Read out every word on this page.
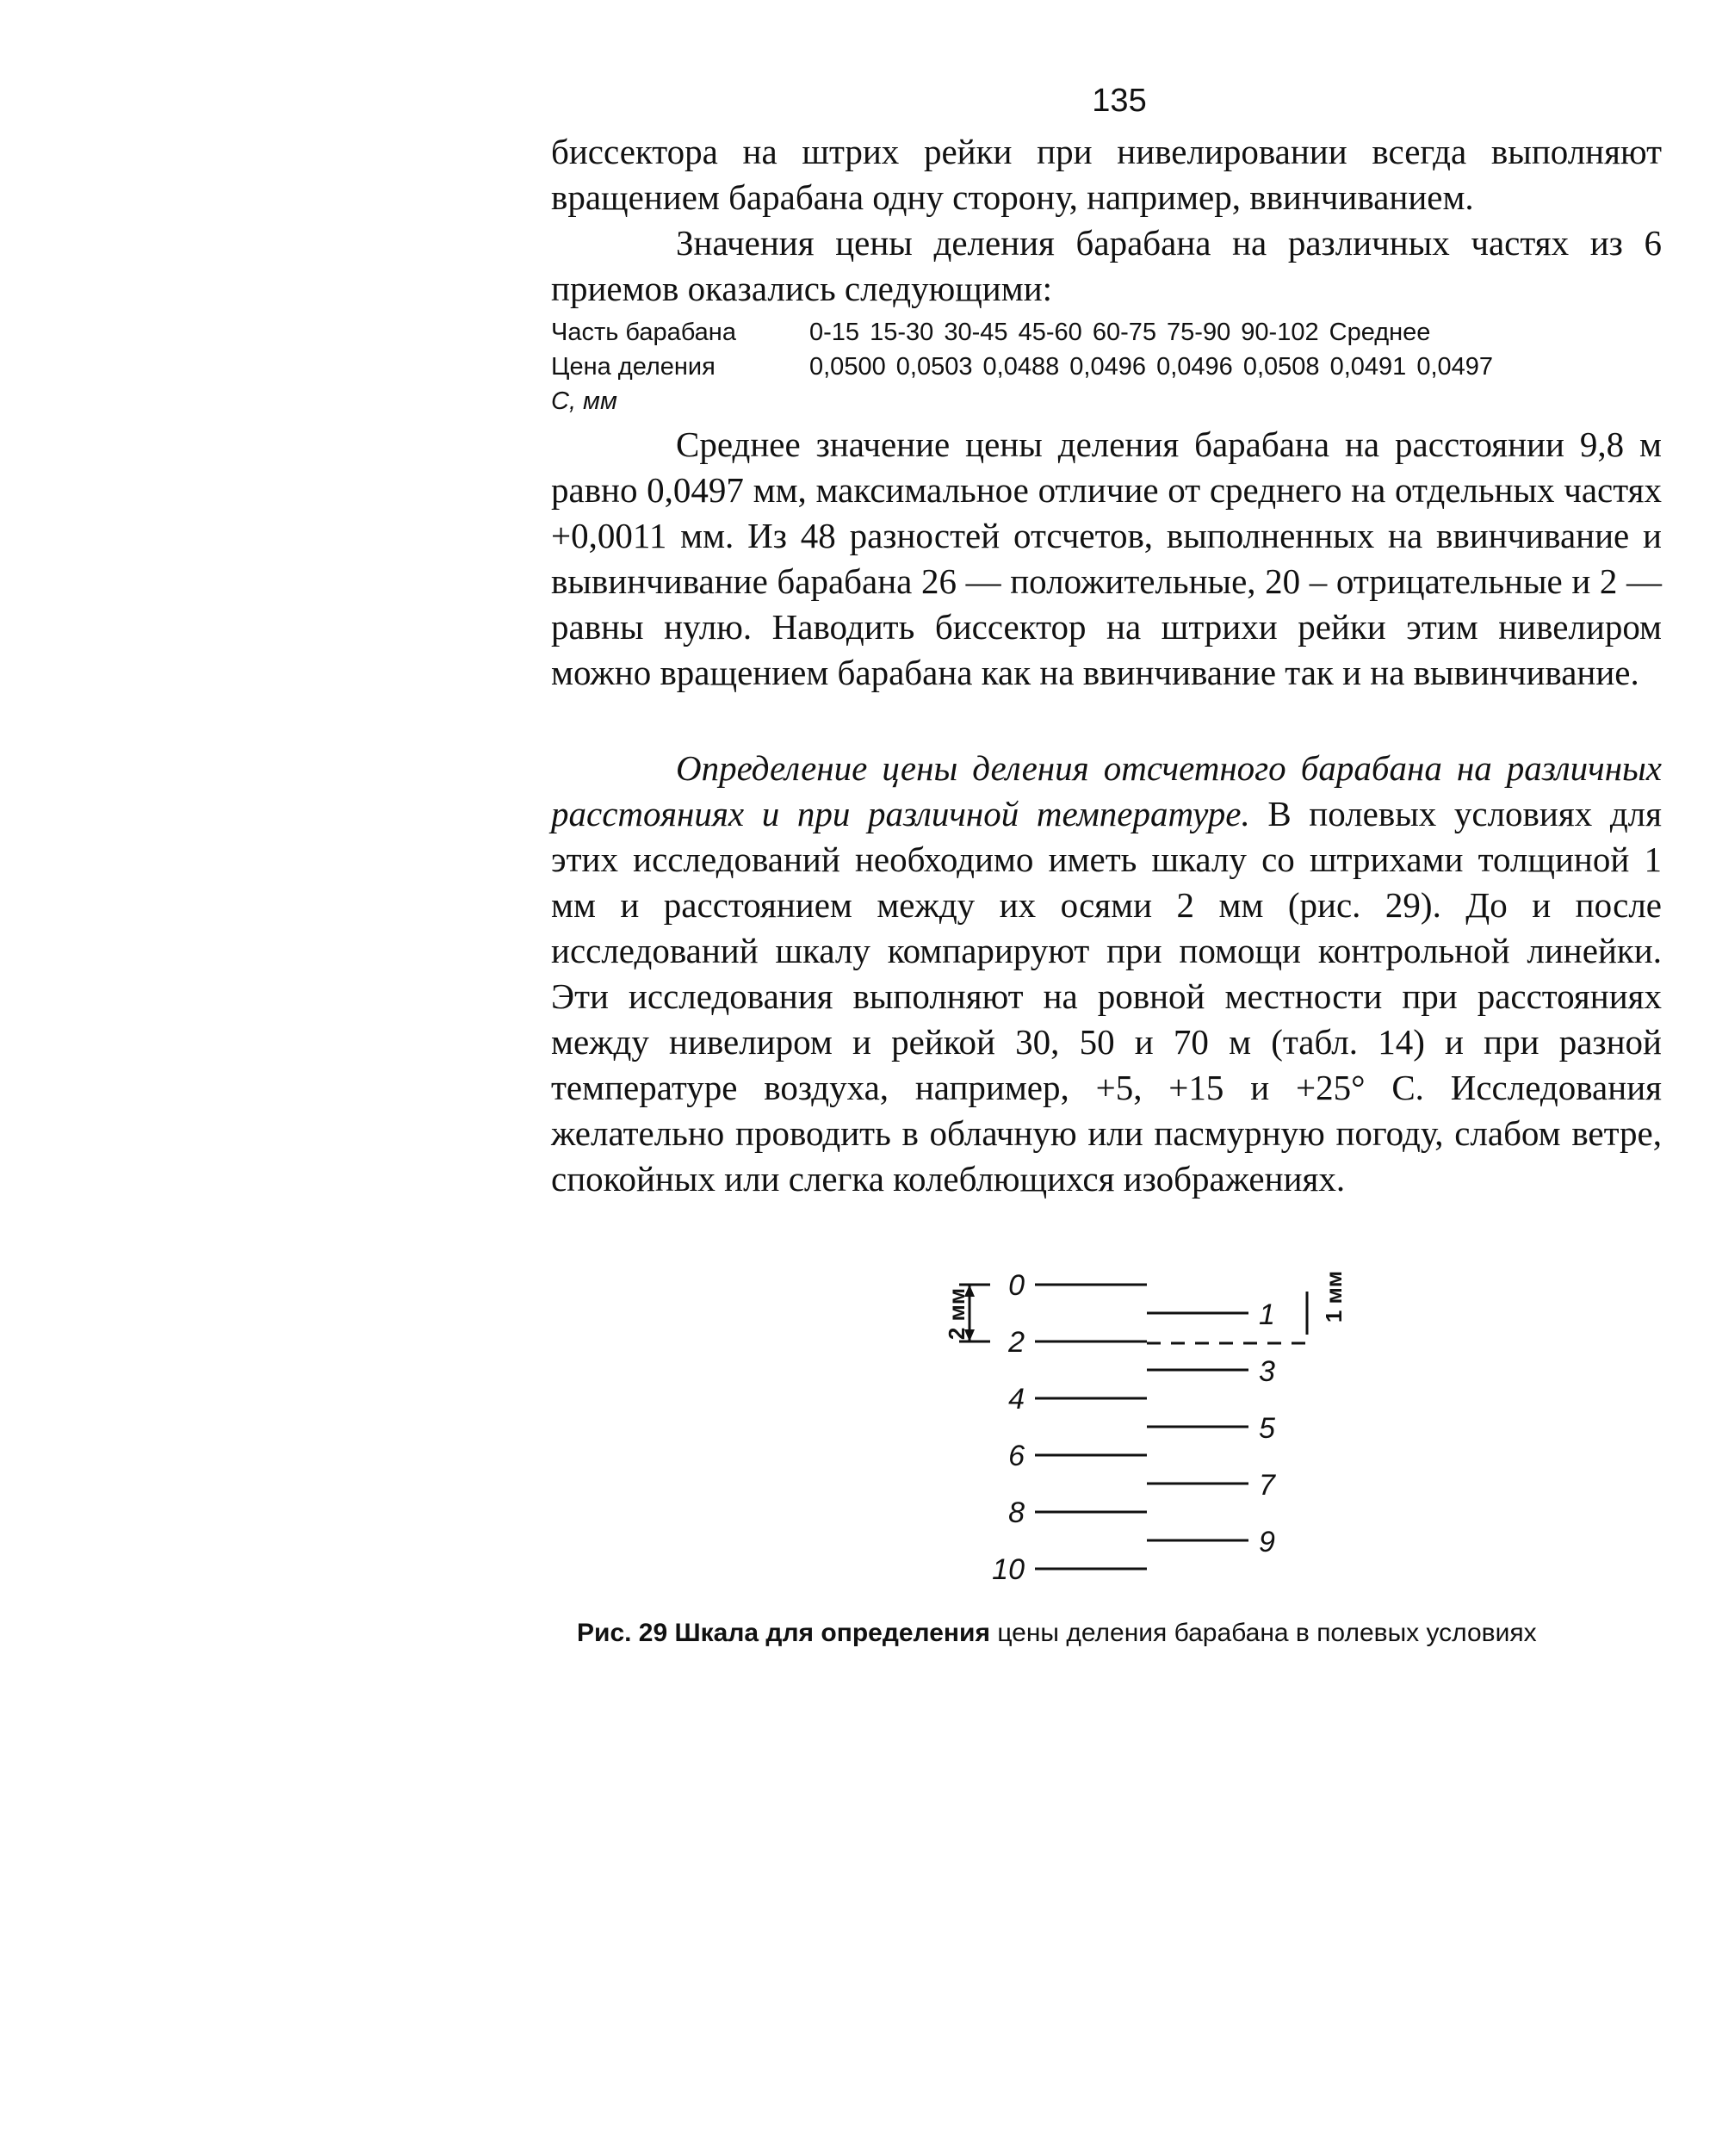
135

биссектора на штрих рейки при нивелировании всегда выполняют вращением барабана одну сторону, например, ввинчиванием.

Значения цены деления барабана на различных частях из 6 приемов оказались следующими:

Часть барабана	0-15 15-30 30-45 45-60 60-75 75-90 90-102 Среднее
Цена деления	0,0500 0,0503 0,0488 0,0496 0,0496 0,0508 0,0491 0,0497
С, мм

Среднее значение цены деления барабана на расстоянии 9,8 м равно 0,0497 мм, максимальное отличие от среднего на отдельных частях +0,0011 мм. Из 48 разностей отсчетов, выполненных на ввинчивание и вывинчивание барабана 26 — положительные, 20 – отрицательные и 2 — равны нулю. Наводить биссектор на штрихи рейки этим нивелиром можно вращением барабана как на ввинчивание так и на вывинчивание.

Определение цены деления отсчетного барабана на различных расстояниях и при различной температуре. В полевых условиях для этих исследований необходимо иметь шкалу со штрихами толщиной 1 мм и расстоянием между их осями 2 мм (рис. 29). До и после исследований шкалу компарируют при помощи контрольной линейки. Эти исследования выполняют на ровной местности при расстояниях между нивелиром и рейкой 30, 50 и 70 м (табл. 14) и при разной температуре воздуха, например, +5, +15 и +25° С. Исследования желательно проводить в облачную или пасмурную погоду, слабом ветре, спокойных или слегка колеблющихся изображениях.

2 мм	1 мм
0
2
4
6
8
10
1
3
5
7
9
Рис. 29 Шкала для определения цены деления барабана в полевых условиях
